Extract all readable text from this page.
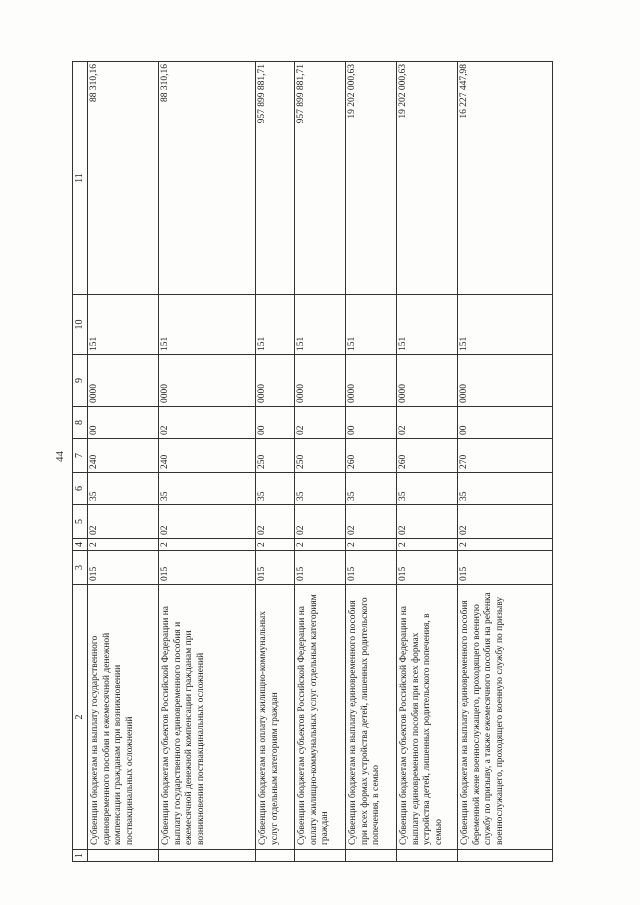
44
1	2	3	4	5	6	7	8	9	10	11
	Субвенции бюджетам на выплату государственного единовременного пособия и ежемесячной денежной компенсации гражданам при возникновении поствакцинальных осложнений	015	2	02	35	240	00	0000	151	88 310,16
	Субвенции бюджетам субъектов Российской Федерации на выплату государственного единовременного пособия и ежемесячной денежной компенсации гражданам при возникновении поствакцинальных осложнений	015	2	02	35	240	02	0000	151	88 310,16
	Субвенции бюджетам на оплату жилищно-коммунальных услуг отдельным категориям граждан	015	2	02	35	250	00	0000	151	957 899 881,71
	Субвенции бюджетам субъектов Российской Федерации на оплату жилищно-коммунальных услуг отдельным категориям граждан	015	2	02	35	250	02	0000	151	957 899 881,71
	Субвенции бюджетам на выплату единовременного пособия при всех формах устройства детей, лишенных родительского попечения, в семью	015	2	02	35	260	00	0000	151	19 202 000,63
	Субвенции бюджетам субъектов Российской Федерации на выплату единовременного пособия при всех формах устройства детей, лишенных родительского попечения, в семью	015	2	02	35	260	02	0000	151	19 202 000,63
	Субвенции бюджетам на выплату единовременного пособия беременной жене военнослужащего, проходящего военную службу по призыву, а также ежемесячного пособия на ребенка военнослужащего, проходящего военную службу по призыву	015	2	02	35	270	00	0000	151	16 227 447,98
